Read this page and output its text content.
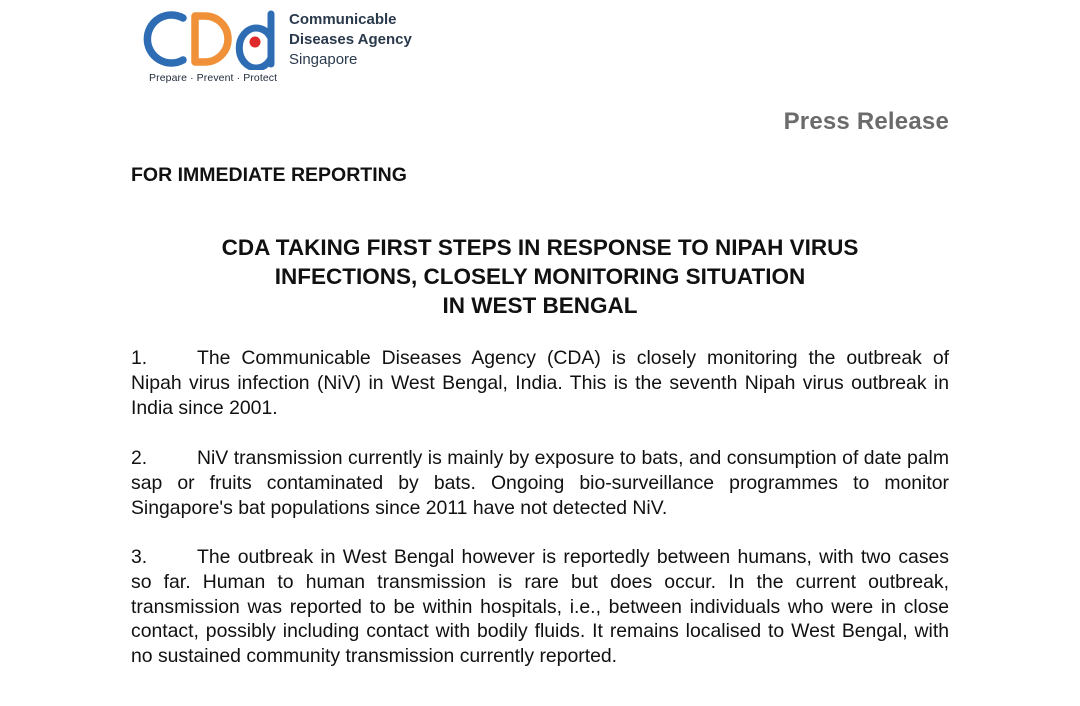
Prepare · Prevent · Protect
Communicable
Diseases Agency
Singapore
Press Release
FOR IMMEDIATE REPORTING
CDA TAKING FIRST STEPS IN RESPONSE TO NIPAH VIRUS
INFECTIONS, CLOSELY MONITORING SITUATION
IN WEST BENGAL
1.	The Communicable Diseases Agency (CDA) is closely monitoring the outbreak of Nipah virus infection (NiV) in West Bengal, India. This is the seventh Nipah virus outbreak in India since 2001.
2.	NiV transmission currently is mainly by exposure to bats, and consumption of date palm sap or fruits contaminated by bats. Ongoing bio-surveillance programmes to monitor Singapore's bat populations since 2011 have not detected NiV.
3.	The outbreak in West Bengal however is reportedly between humans, with two cases so far. Human to human transmission is rare but does occur. In the current outbreak, transmission was reported to be within hospitals, i.e., between individuals who were in close contact, possibly including contact with bodily fluids. It remains localised to West Bengal, with no sustained community transmission currently reported.
